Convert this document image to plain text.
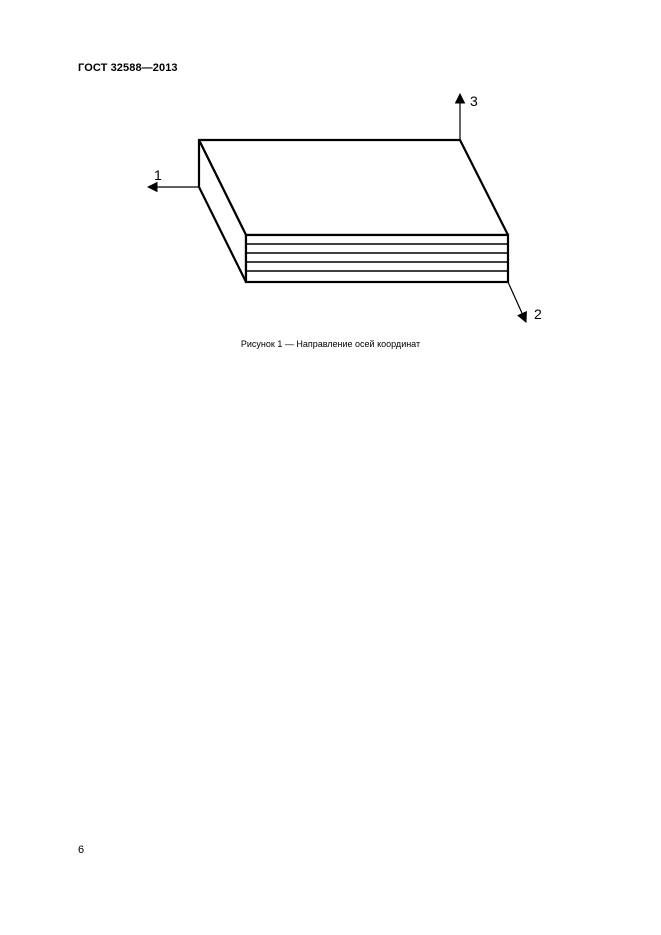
ГОСТ 32588—2013
1
3
2
Рисунок 1 — Направление осей координат
6
